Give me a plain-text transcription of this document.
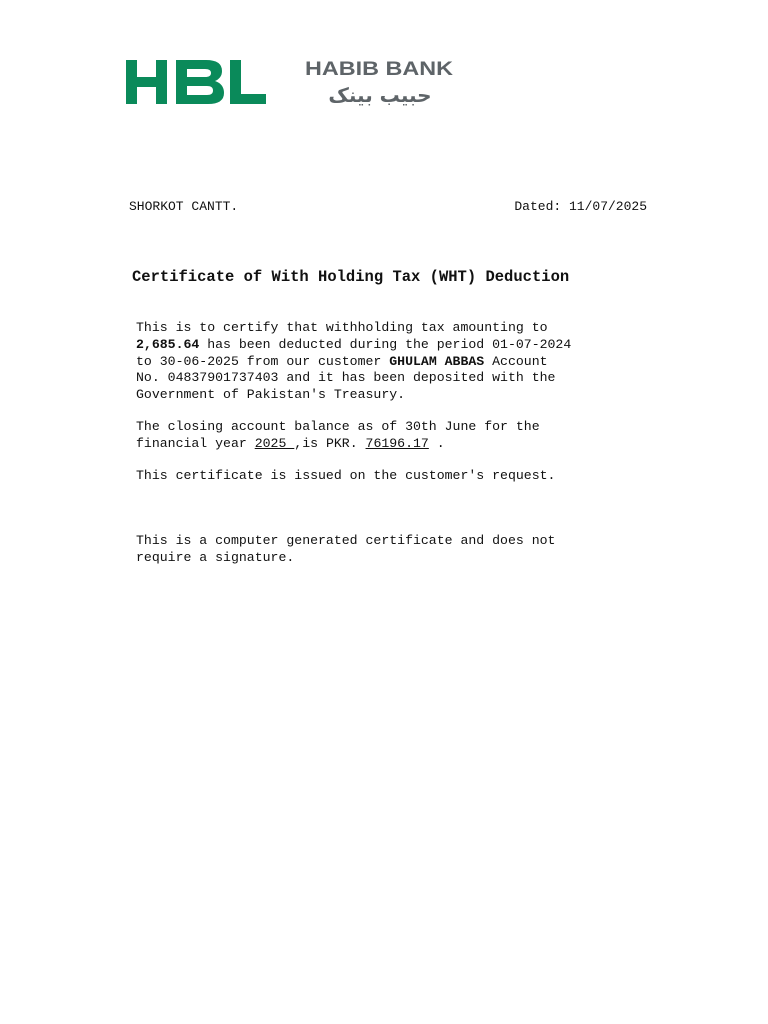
HABIB BANK
حبیب بینک
SHORKOT CANTT.	Dated: 11/07/2025
Certificate of With Holding Tax (WHT) Deduction
This is to certify that withholding tax amounting to
2,685.64 has been deducted during the period 01-07-2024
to 30-06-2025 from our customer GHULAM ABBAS Account
No. 04837901737403 and it has been deposited with the
Government of Pakistan's Treasury.
The closing account balance as of 30th June for the
financial year 2025 ,is PKR. 76196.17 .
This certificate is issued on the customer's request.
This is a computer generated certificate and does not
require a signature.
